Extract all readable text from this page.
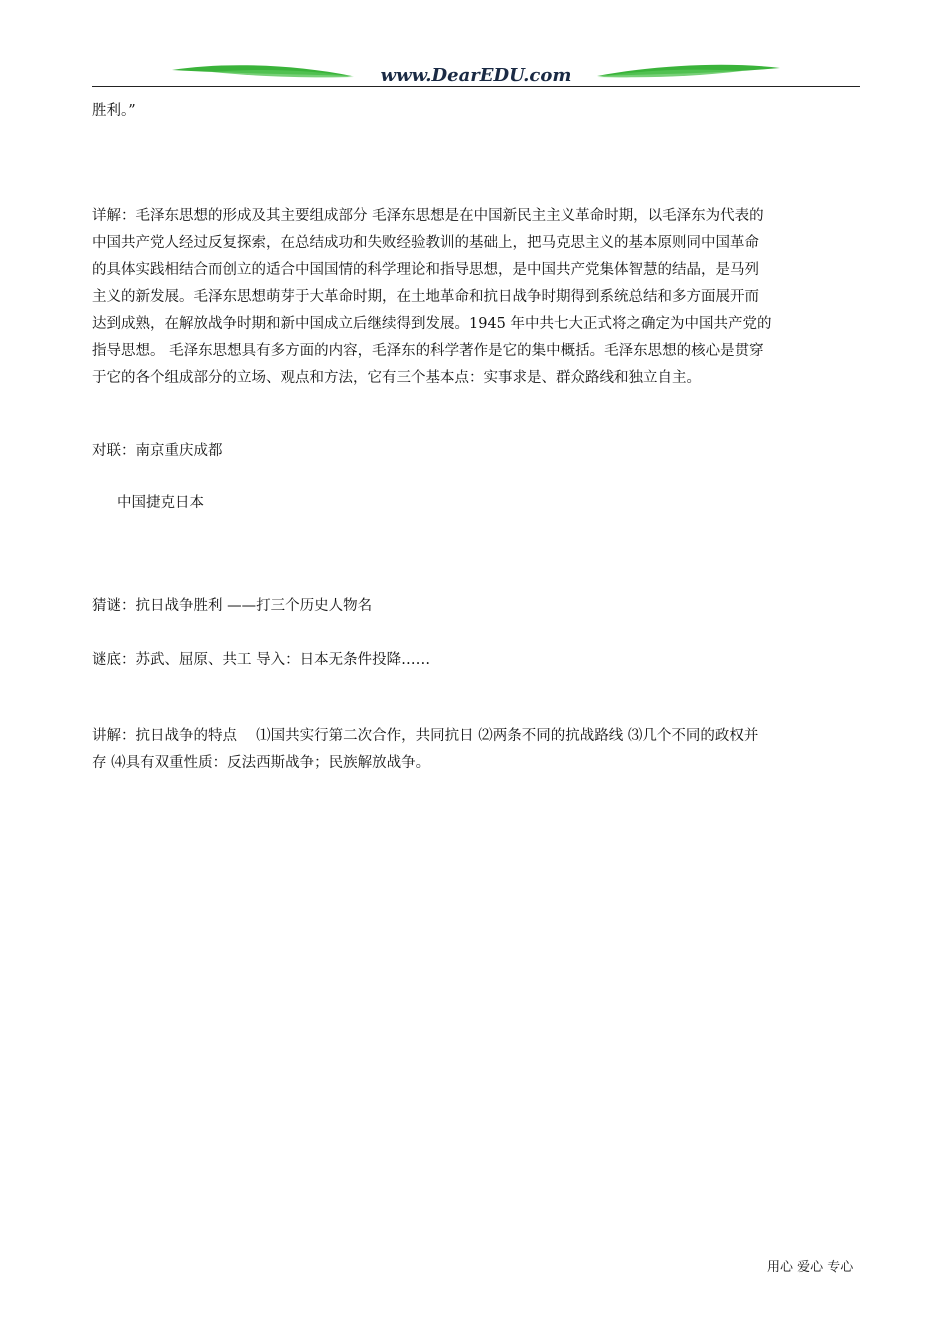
www.DearEDU.com

胜利。”

详解：毛泽东思想的形成及其主要组成部分 毛泽东思想是在中国新民主主义革命时期，以毛泽东为代表的
中国共产党人经过反复探索，在总结成功和失败经验教训的基础上，把马克思主义的基本原则同中国革命
的具体实践相结合而创立的适合中国国情的科学理论和指导思想，是中国共产党集体智慧的结晶，是马列
主义的新发展。毛泽东思想萌芽于大革命时期，在土地革命和抗日战争时期得到系统总结和多方面展开而
达到成熟，在解放战争时期和新中国成立后继续得到发展。1945 年中共七大正式将之确定为中国共产党的
指导思想。 毛泽东思想具有多方面的内容，毛泽东的科学著作是它的集中概括。毛泽东思想的核心是贯穿
于它的各个组成部分的立场、观点和方法，它有三个基本点：实事求是、群众路线和独立自主。

对联：南京重庆成都

中国捷克日本

猜谜：抗日战争胜利 ——打三个历史人物名

谜底：苏武、屈原、共工 导入：日本无条件投降……

讲解：抗日战争的特点　 ⑴国共实行第二次合作，共同抗日 ⑵两条不同的抗战路线 ⑶几个不同的政权并
存 ⑷具有双重性质：反法西斯战争；民族解放战争。
用心 爱心 专心
